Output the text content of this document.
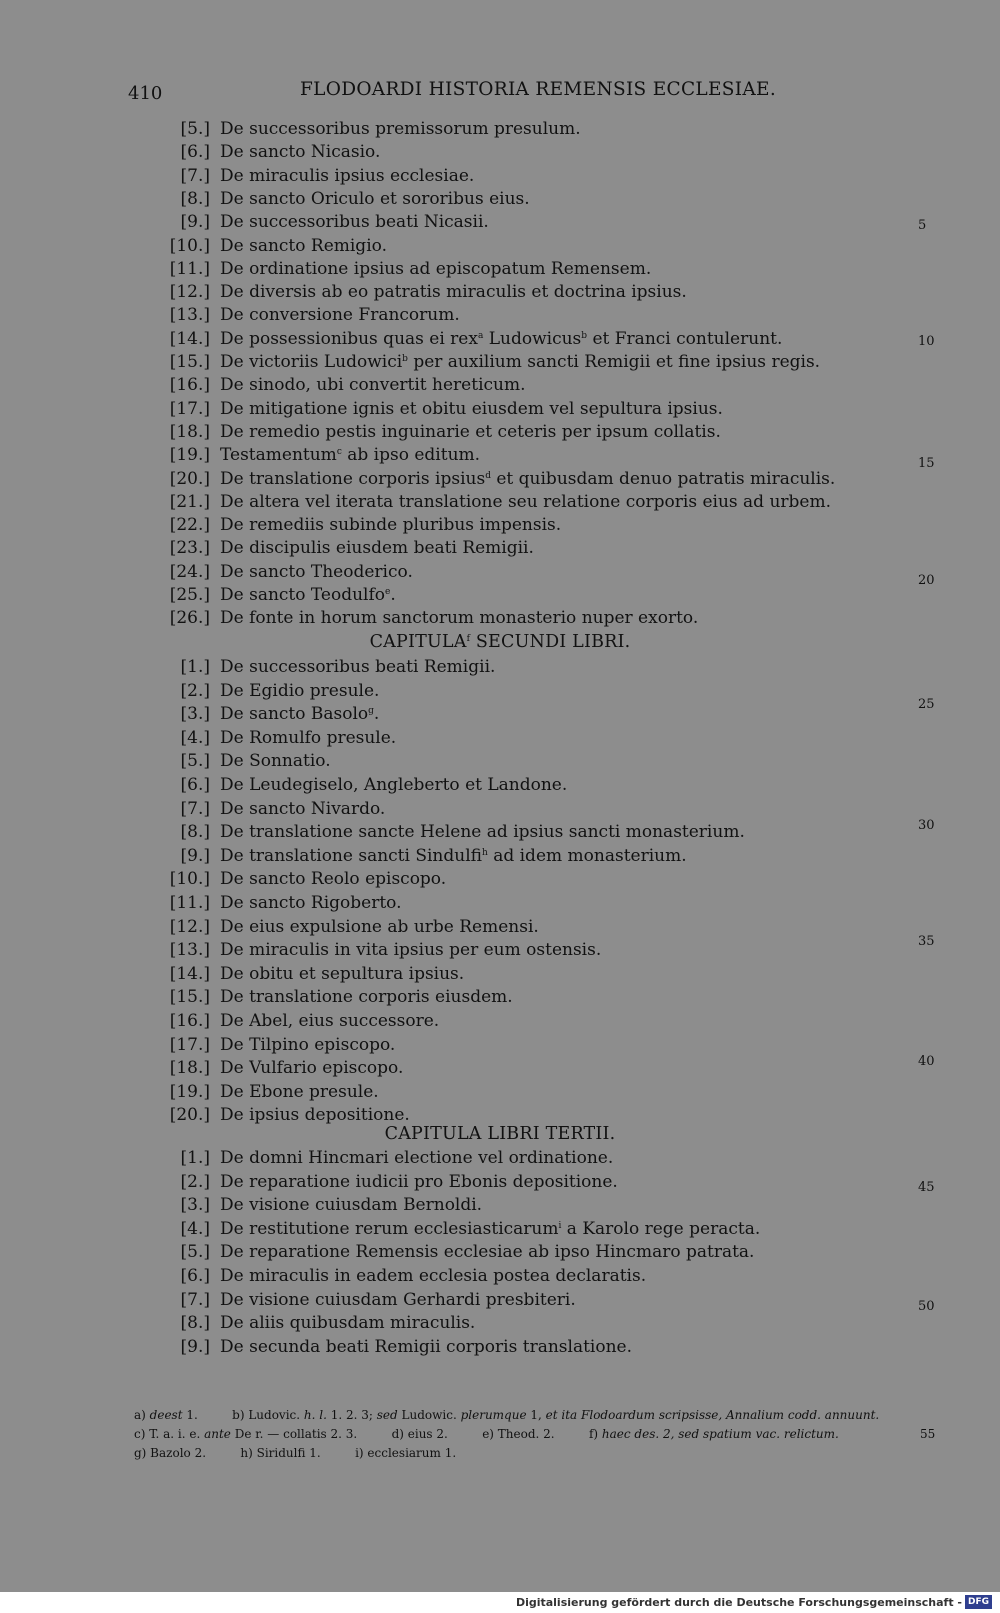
410	FLODOARDI HISTORIA REMENSIS ECCLESIAE.
[5.] De successoribus premissorum presulum.
[6.] De sancto Nicasio.
[7.] De miraculis ipsius ecclesiae.
[8.] De sancto Oriculo et sororibus eius.
[9.] De successoribus beati Nicasii.
[10.] De sancto Remigio.
[11.] De ordinatione ipsius ad episcopatum Remensem.
[12.] De diversis ab eo patratis miraculis et doctrina ipsius.
[13.] De conversione Francorum.
[14.] De possessionibus quas ei rex$^a$ Ludowicus$^b$ et Franci contulerunt.
[15.] De victoriis Ludowici$^b$ per auxilium sancti Remigii et fine ipsius regis.
[16.] De sinodo, ubi convertit hereticum.
[17.] De mitigatione ignis et obitu eiusdem vel sepultura ipsius.
[18.] De remedio pestis inguinarie et ceteris per ipsum collatis.
[19.] Testamentum$^c$ ab ipso editum.
[20.] De translatione corporis ipsius$^d$ et quibusdam denuo patratis miraculis.
[21.] De altera vel iterata translatione seu relatione corporis eius ad urbem.
[22.] De remediis subinde pluribus impensis.
[23.] De discipulis eiusdem beati Remigii.
[24.] De sancto Theoderico.
[25.] De sancto Teodulfo$^e$.
[26.] De fonte in horum sanctorum monasterio nuper exorto.
[1.] De successoribus beati Remigii.
[2.] De Egidio presule.
[3.] De sancto Basolo$^g$.
[4.] De Romulfo presule.
[5.] De Sonnatio.
[6.] De Leudegiselo, Angleberto et Landone.
[7.] De sancto Nivardo.
[8.] De translatione sancte Helene ad ipsius sancti monasterium.
[9.] De translatione sancti Sindulfi$^h$ ad idem monasterium.
[10.] De sancto Reolo episcopo.
[11.] De sancto Rigoberto.
[12.] De eius expulsione ab urbe Remensi.
[13.] De miraculis in vita ipsius per eum ostensis.
[14.] De obitu et sepultura ipsius.
[15.] De translatione corporis eiusdem.
[16.] De Abel, eius successore.
[17.] De Tilpino episcopo.
[18.] De Vulfario episcopo.
[19.] De Ebone presule.
[20.] De ipsius depositione.
[1.] De domni Hincmari electione vel ordinatione.
[2.] De reparatione iudicii pro Ebonis depositione.
[3.] De visione cuiusdam Bernoldi.
[4.] De restitutione rerum ecclesiasticarum$^i$ a Karolo rege peracta.
[5.] De reparatione Remensis ecclesiae ab ipso Hincmaro patrata.
[6.] De miraculis in eadem ecclesia postea declaratis.
[7.] De visione cuiusdam Gerhardi presbiteri.
[8.] De aliis quibusdam miraculis.
[9.] De secunda beati Remigii corporis translatione.
CAPITULA$^f$ SECUNDI LIBRI.
CAPITULA LIBRI TERTII.
5
10
15
20
25
30
35
40
45
50
a) deest 1.	b) Ludovic. h. l. 1. 2. 3; sed Ludowic. plerumque 1, et ita Flodoardum scripsisse, Annalium codd. annuunt.
c) T. a. i. e. ante De r. — collatis 2. 3.	d) eius 2.	e) Theod. 2.	f) haec des. 2, sed spatium vac. relictum.	55
g) Bazolo 2.	h) Siridulfi 1.	i) ecclesiarum 1.
Digitalisierung gefördert durch die Deutsche Forschungsgemeinschaft - DFG
